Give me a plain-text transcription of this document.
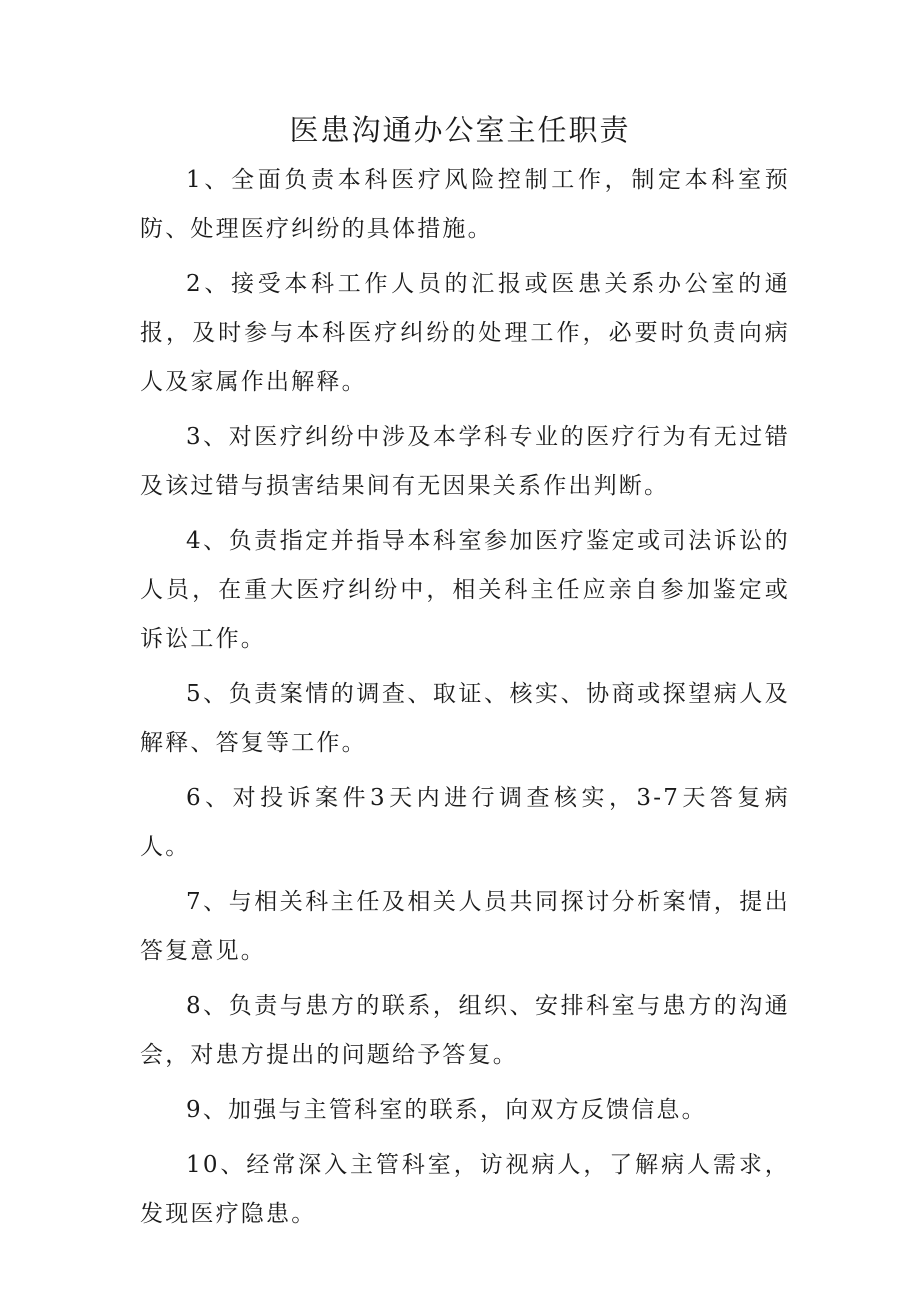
医患沟通办公室主任职责

1、全面负责本科医疗风险控制工作，制定本科室预防、处理医疗纠纷的具体措施。

2、接受本科工作人员的汇报或医患关系办公室的通报，及时参与本科医疗纠纷的处理工作，必要时负责向病人及家属作出解释。

3、对医疗纠纷中涉及本学科专业的医疗行为有无过错及该过错与损害结果间有无因果关系作出判断。

4、负责指定并指导本科室参加医疗鉴定或司法诉讼的人员，在重大医疗纠纷中，相关科主任应亲自参加鉴定或诉讼工作。

5、负责案情的调查、取证、核实、协商或探望病人及解释、答复等工作。

6、对投诉案件3天内进行调查核实，3-7天答复病人。

7、与相关科主任及相关人员共同探讨分析案情，提出答复意见。

8、负责与患方的联系，组织、安排科室与患方的沟通会，对患方提出的问题给予答复。

9、加强与主管科室的联系，向双方反馈信息。

10、经常深入主管科室，访视病人，了解病人需求，发现医疗隐患。
